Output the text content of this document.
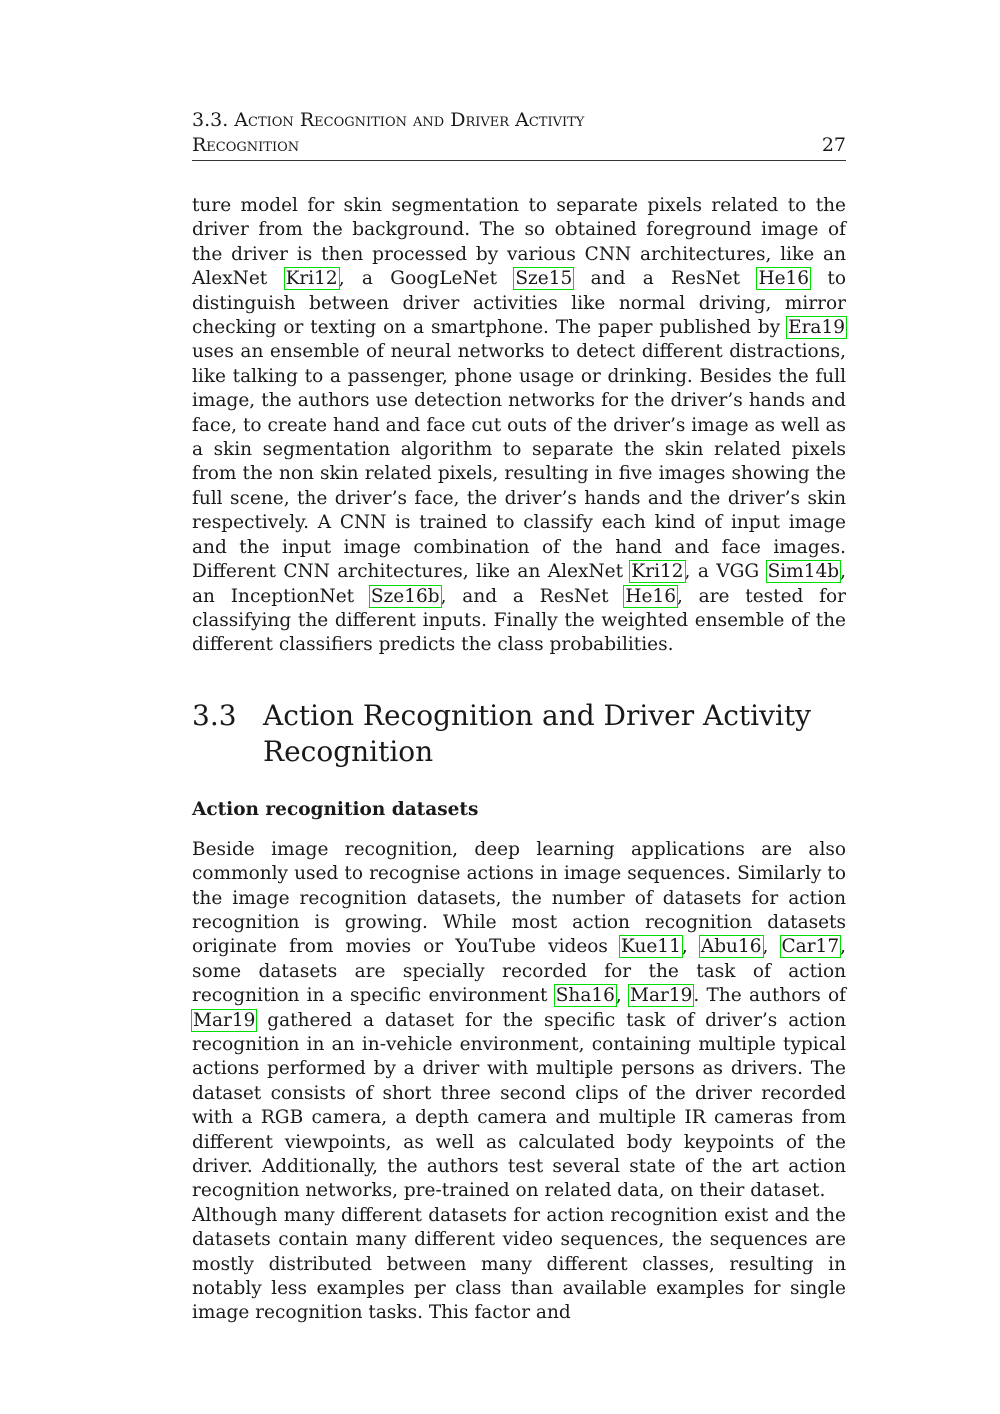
3.3. Action Recognition and Driver Activity
Recognition	27

ture model for skin segmentation to separate pixels related to the driver from the background. The so obtained foreground image of the driver is then processed by various CNN architectures, like an AlexNet Kri12, a GoogLeNet Sze15 and a ResNet He16 to distinguish between driver activities like normal driving, mirror checking or texting on a smartphone. The paper published by Era19 uses an ensemble of neural networks to detect different distractions, like talking to a passenger, phone usage or drinking. Besides the full image, the authors use detection networks for the driver’s hands and face, to create hand and face cut outs of the driver’s image as well as a skin segmentation algorithm to separate the skin related pixels from the non skin related pixels, resulting in five images showing the full scene, the driver’s face, the driver’s hands and the driver’s skin respectively. A CNN is trained to classify each kind of input image and the input image combination of the hand and face images. Different CNN architectures, like an AlexNet Kri12, a VGG Sim14b, an InceptionNet Sze16b, and a ResNet He16, are tested for classifying the different inputs. Finally the weighted ensemble of the different classifiers predicts the class probabilities.

3.3 Action Recognition and Driver Activity Recognition
Action recognition datasets

Beside image recognition, deep learning applications are also commonly used to recognise actions in image sequences. Similarly to the image recognition datasets, the number of datasets for action recognition is growing. While most action recognition datasets originate from movies or YouTube videos Kue11, Abu16, Car17, some datasets are specially recorded for the task of action recognition in a specific environment Sha16, Mar19. The authors of Mar19 gathered a dataset for the specific task of driver’s action recognition in an in-vehicle environment, containing multiple typical actions performed by a driver with multiple persons as drivers. The dataset consists of short three second clips of the driver recorded with a RGB camera, a depth camera and multiple IR cameras from different viewpoints, as well as calculated body keypoints of the driver. Additionally, the authors test several state of the art action recognition networks, pre-trained on related data, on their dataset.

Although many different datasets for action recognition exist and the datasets contain many different video sequences, the sequences are mostly distributed between many different classes, resulting in notably less examples per class than available examples for single image recognition tasks. This factor and
